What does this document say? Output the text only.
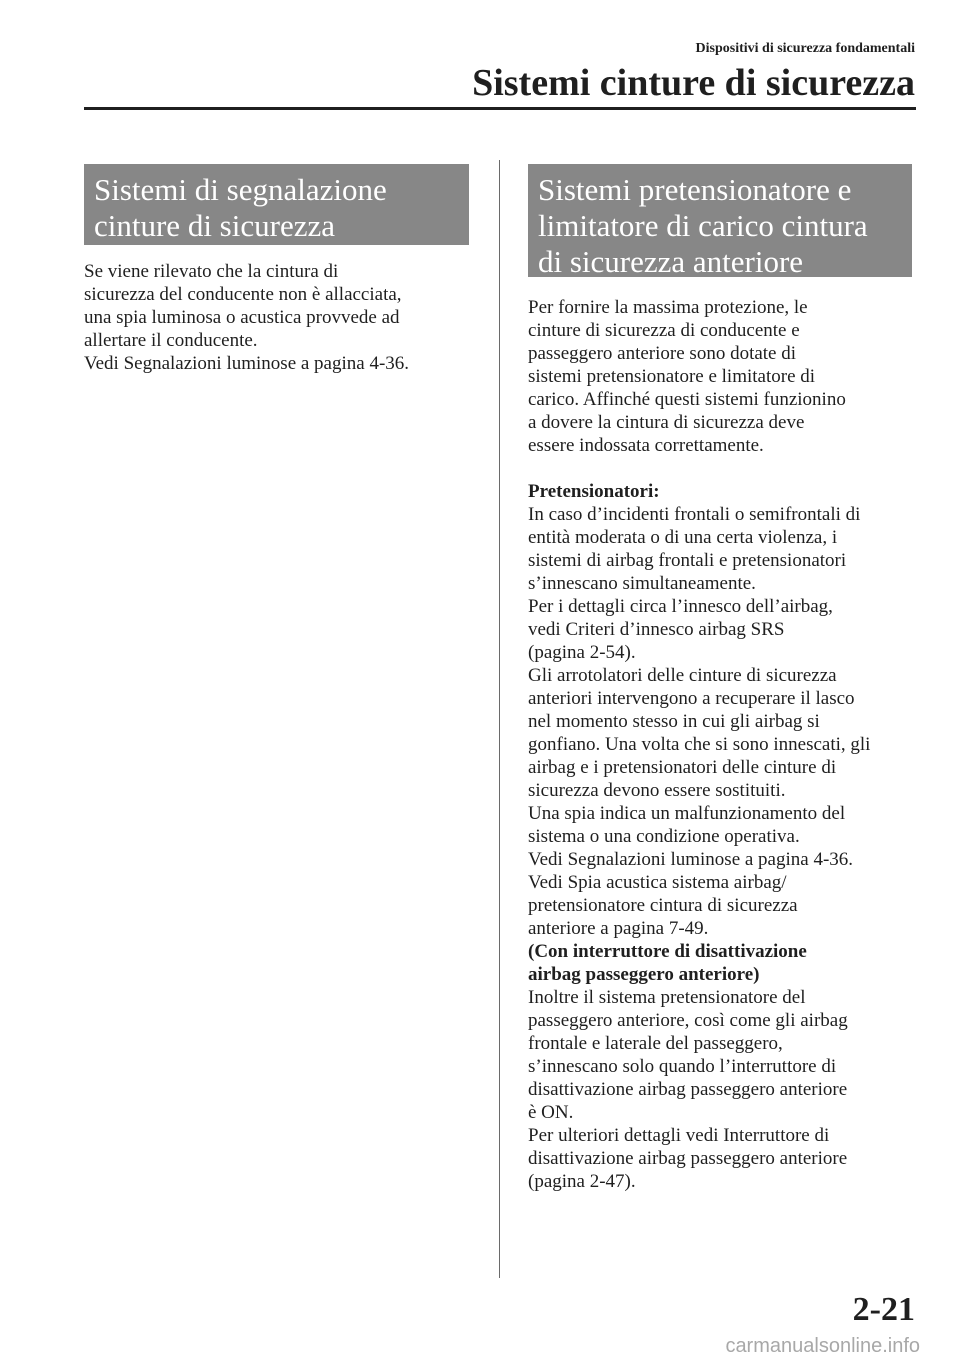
Dispositivi di sicurezza fondamentali
Sistemi cinture di sicurezza
Sistemi di segnalazione
cinture di sicurezza
Se viene rilevato che la cintura di
sicurezza del conducente non è allacciata,
una spia luminosa o acustica provvede ad
allertare il conducente.
Vedi Segnalazioni luminose a pagina 4-36.
Sistemi pretensionatore e
limitatore di carico cintura
di sicurezza anteriore
Per fornire la massima protezione, le
cinture di sicurezza di conducente e
passeggero anteriore sono dotate di
sistemi pretensionatore e limitatore di
carico. Affinché questi sistemi funzionino
a dovere la cintura di sicurezza deve
essere indossata correttamente.
Pretensionatori:
In caso d’incidenti frontali o semifrontali di
entità moderata o di una certa violenza, i
sistemi di airbag frontali e pretensionatori
s’innescano simultaneamente.
Per i dettagli circa l’innesco dell’airbag,
vedi Criteri d’innesco airbag SRS
(pagina 2-54).
Gli arrotolatori delle cinture di sicurezza
anteriori intervengono a recuperare il lasco
nel momento stesso in cui gli airbag si
gonfiano. Una volta che si sono innescati, gli
airbag e i pretensionatori delle cinture di
sicurezza devono essere sostituiti.
Una spia indica un malfunzionamento del
sistema o una condizione operativa.
Vedi Segnalazioni luminose a pagina 4-36.
Vedi Spia acustica sistema airbag/
pretensionatore cintura di sicurezza
anteriore a pagina 7-49.
(Con interruttore di disattivazione
airbag passeggero anteriore)
Inoltre il sistema pretensionatore del
passeggero anteriore, così come gli airbag
frontale e laterale del passeggero,
s’innescano solo quando l’interruttore di
disattivazione airbag passeggero anteriore
è ON.
Per ulteriori dettagli vedi Interruttore di
disattivazione airbag passeggero anteriore
(pagina 2-47).
2-21
carmanualsonline.info
